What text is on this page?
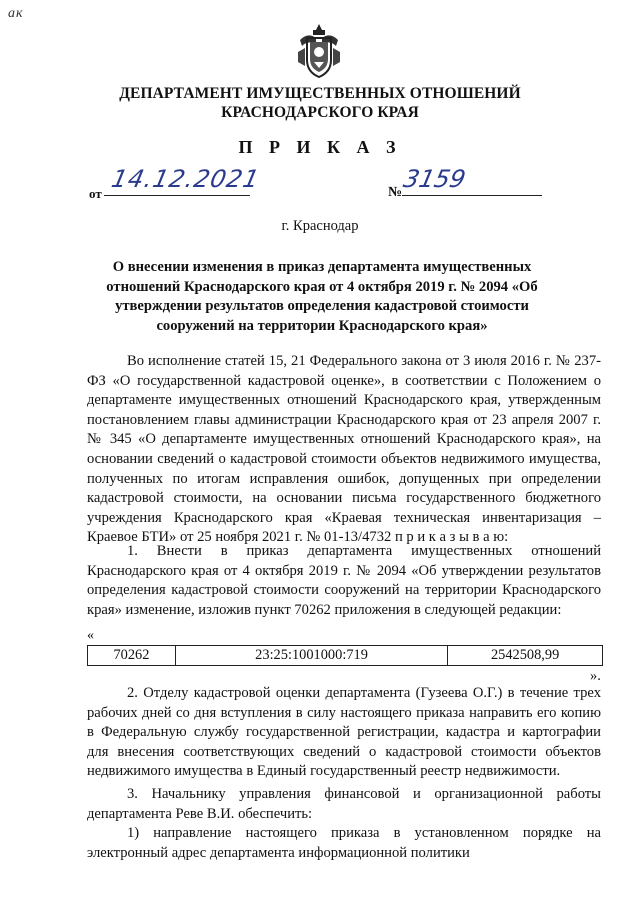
ак
ДЕПАРТАМЕНТ ИМУЩЕСТВЕННЫХ ОТНОШЕНИЙ
КРАСНОДАРСКОГО КРАЯ
П Р И К А З
от
14.12.2021	№
3159
г. Краснодар
О внесении изменения в приказ департамента имущественных отношений Краснодарского края от 4 октября 2019 г. № 2094 «Об утверждении результатов определения кадастровой стоимости сооружений на территории Краснодарского края»
Во исполнение статей 15, 21 Федерального закона от 3 июля 2016 г. № 237-ФЗ «О государственной кадастровой оценке», в соответствии с Положением о департаменте имущественных отношений Краснодарского края, утвержденным постановлением главы администрации Краснодарского края от 23 апреля 2007 г. № 345 «О департаменте имущественных отношений Краснодарского края», на основании сведений о кадастровой стоимости объектов недвижимого имущества, полученных по итогам исправления ошибок, допущенных при определении кадастровой стоимости, на основании письма государственного бюджетного учреждения Краснодарского края «Краевая техническая инвентаризация – Краевое БТИ» от 25 ноября 2021 г. № 01-13/4732 п р и к а з ы в а ю:
1. Внести в приказ департамента имущественных отношений Краснодарского края от 4 октября 2019 г. № 2094 «Об утверждении результатов определения кадастровой стоимости сооружений на территории Краснодарского края» изменение, изложив пункт 70262 приложения в следующей редакции:
«
70262	23:25:1001000:719	2542508,99
».
2. Отделу кадастровой оценки департамента (Гузеева О.Г.) в течение трех рабочих дней со дня вступления в силу настоящего приказа направить его копию в Федеральную службу государственной регистрации, кадастра и картографии для внесения соответствующих сведений о кадастровой стоимости объектов недвижимого имущества в Единый государственный реестр недвижимости.
3. Начальнику управления финансовой и организационной работы департамента Реве В.И. обеспечить:
1) направление настоящего приказа в установленном порядке на электронный адрес департамента информационной политики
